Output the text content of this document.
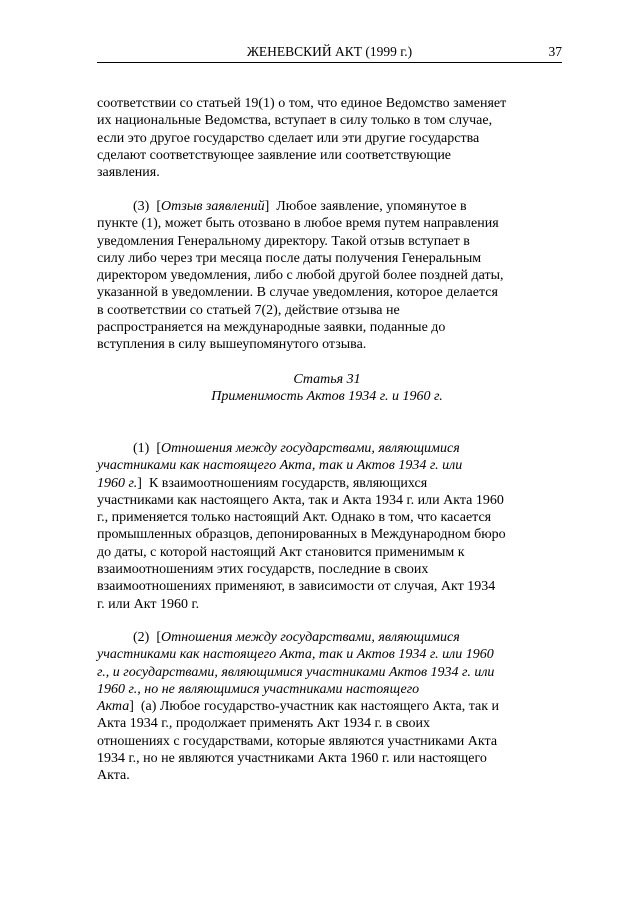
ЖЕНЕВСКИЙ АКТ (1999 г.)	37
соответствии со статьей 19(1) о том, что единое Ведомство заменяет
их национальные Ведомства, вступает в силу только в том случае,
если это другое государство сделает или эти другие государства
сделают соответствующее заявление или соответствующие
заявления.
(3) [Отзыв заявлений] Любое заявление, упомянутое в
пункте (1), может быть отозвано в любое время путем направления
уведомления Генеральному директору. Такой отзыв вступает в
силу либо через три месяца после даты получения Генеральным
директором уведомления, либо с любой другой более поздней даты,
указанной в уведомлении. В случае уведомления, которое делается
в соответствии со статьей 7(2), действие отзыва не
распространяется на международные заявки, поданные до
вступления в силу вышеупомянутого отзыва.
Статья 31
Применимость Актов 1934 г. и 1960 г.
(1) [Отношения между государствами, являющимися
участниками как настоящего Акта, так и Актов 1934 г. или
1960 г.] К взаимоотношениям государств, являющихся
участниками как настоящего Акта, так и Акта 1934 г. или Акта 1960
г., применяется только настоящий Акт. Однако в том, что касается
промышленных образцов, депонированных в Международном бюро
до даты, с которой настоящий Акт становится применимым к
взаимоотношениям этих государств, последние в своих
взаимоотношениях применяют, в зависимости от случая, Акт 1934
г. или Акт 1960 г.
(2) [Отношения между государствами, являющимися
участниками как настоящего Акта, так и Актов 1934 г. или 1960
г., и государствами, являющимися участниками Актов 1934 г. или
1960 г., но не являющимися участниками настоящего
Акта] (a) Любое государство-участник как настоящего Акта, так и
Акта 1934 г., продолжает применять Акт 1934 г. в своих
отношениях с государствами, которые являются участниками Акта
1934 г., но не являются участниками Акта 1960 г. или настоящего
Акта.
